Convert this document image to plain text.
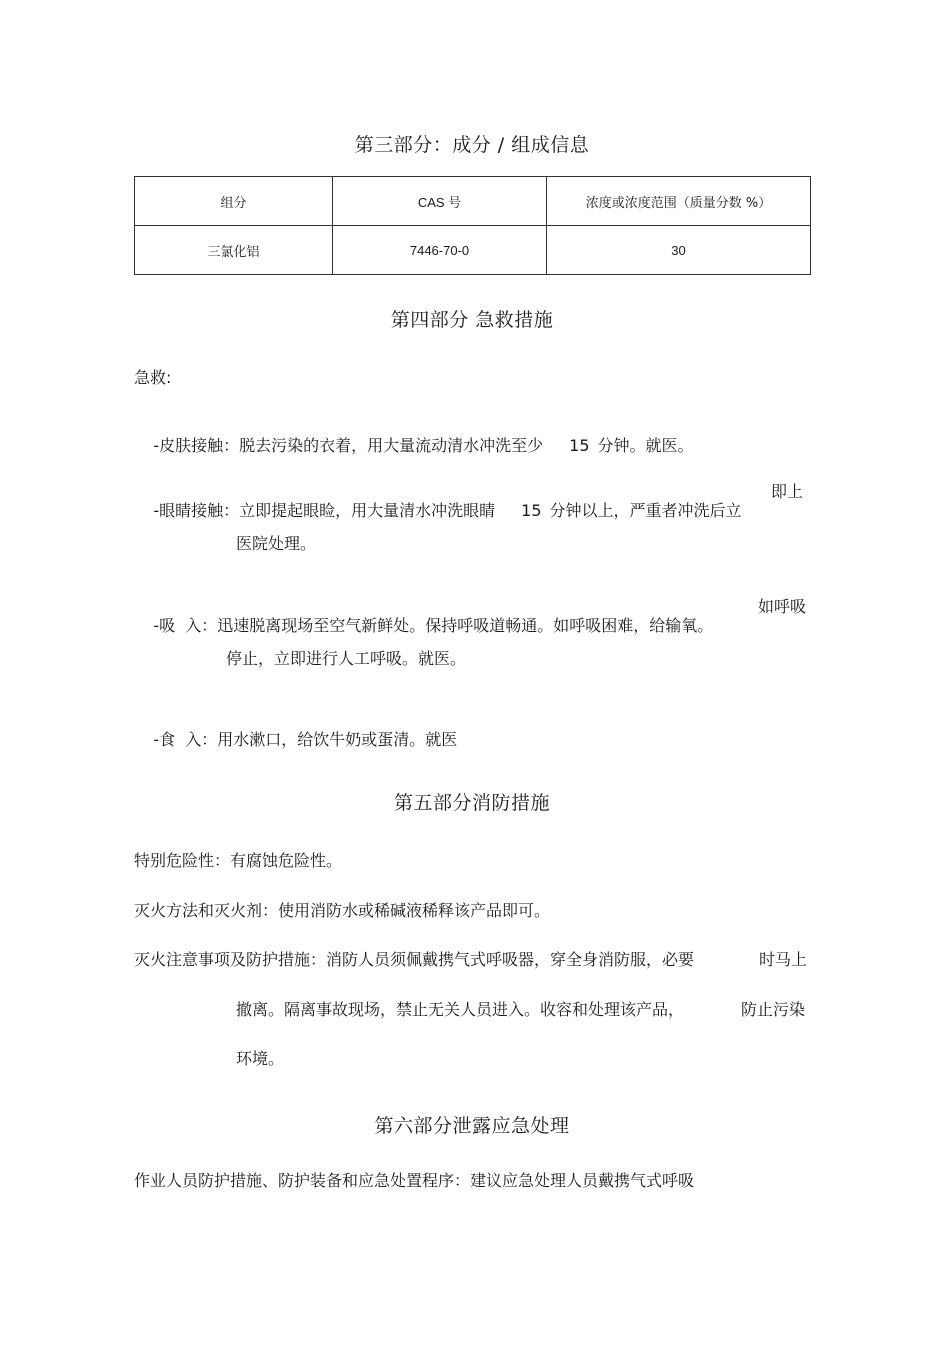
第三部分：成分 / 组成信息
组分	CAS 号	浓度或浓度范围（质量分数 %）
三氯化铝	7446-70-0	30
第四部分 急救措施
急救:

-皮肤接触：脱去污染的衣着，用大量流动清水冲洗至少 15 分钟。就医。

-眼睛接触：立即提起眼睑，用大量清水冲洗眼睛 15 分钟以上，严重者冲洗后立

即上
医院处理。

-吸  入：迅速脱离现场至空气新鲜处。保持呼吸道畅通。如呼吸困难，给输氧。

如呼吸
停止，立即进行人工呼吸。就医。

-食  入：用水漱口，给饮牛奶或蛋清。就医

第五部分消防措施
特别危险性：有腐蚀危险性。
灭火方法和灭火剂：使用消防水或稀碱液稀释该产品即可。
灭火注意事项及防护措施：消防人员须佩戴携气式呼吸器，穿全身消防服，必要	时马上
撤离。隔离事故现场，禁止无关人员进入。收容和处理该产品，	防止污染
环境。
第六部分泄露应急处理
作业人员防护措施、防护装备和应急处置程序：建议应急处理人员戴携气式呼吸
